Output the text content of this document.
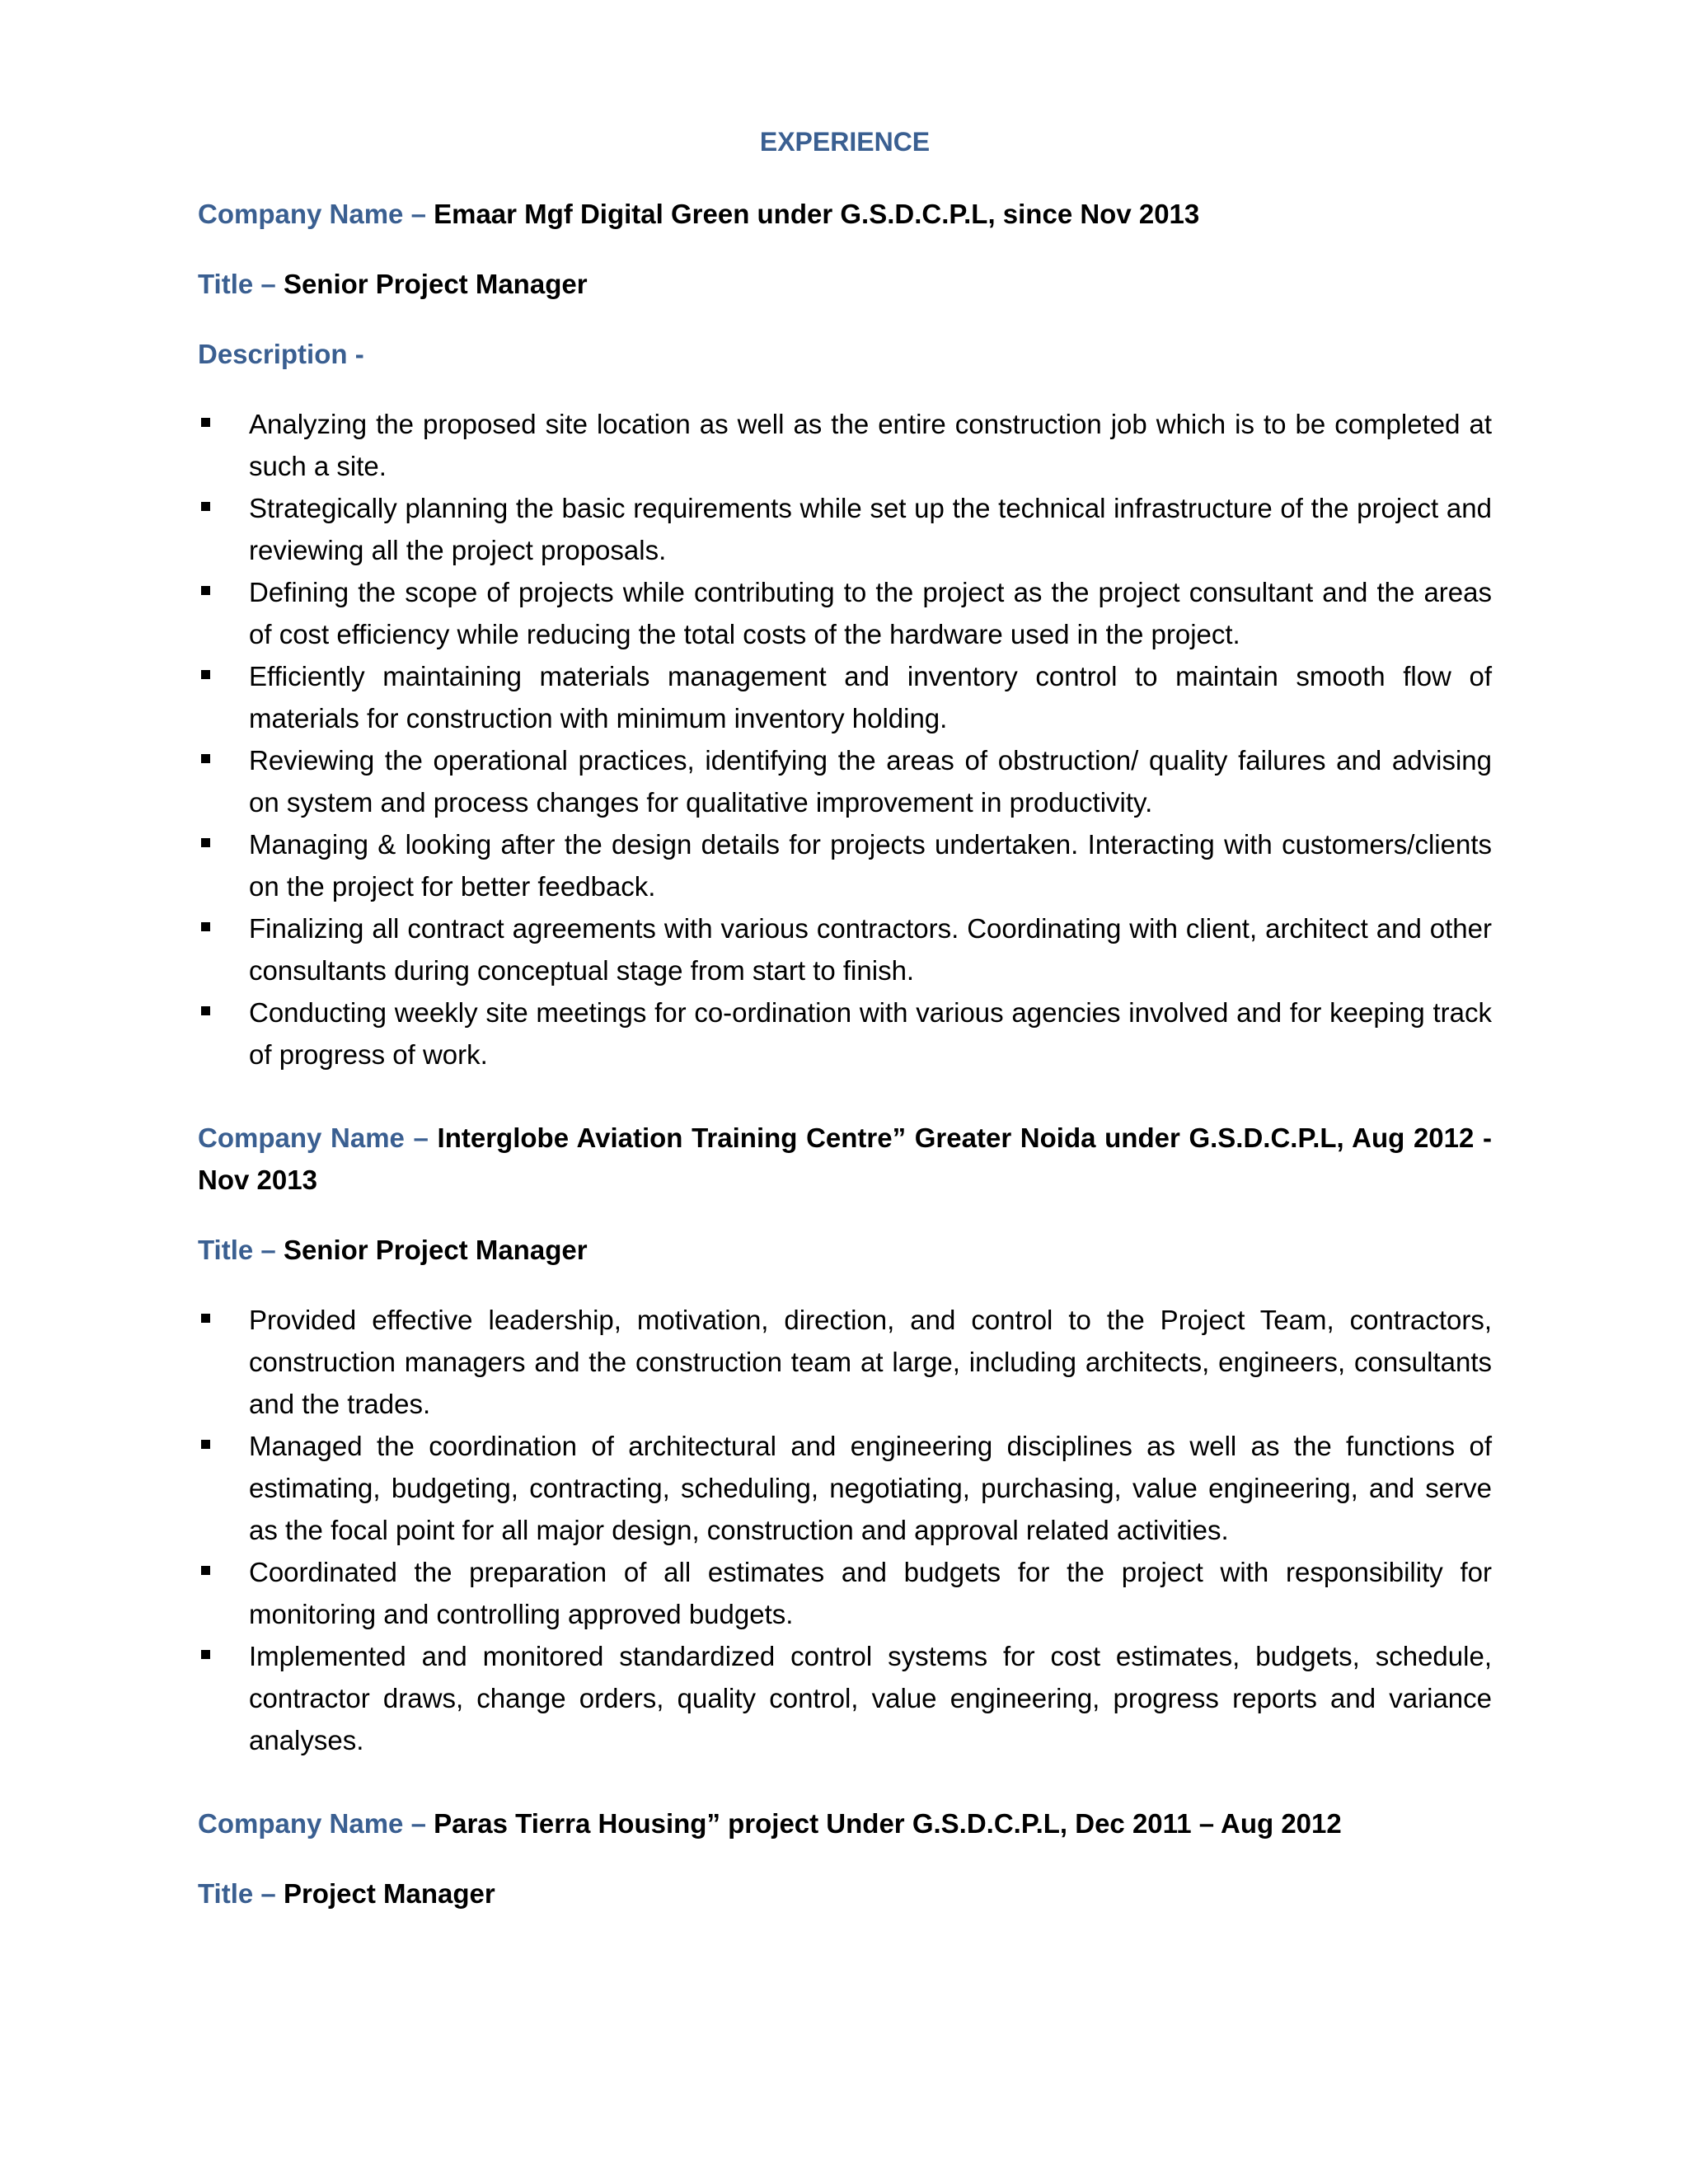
EXPERIENCE
Company Name – Emaar Mgf Digital Green under G.S.D.C.P.L, since Nov 2013
Title – Senior Project Manager
Description -
Analyzing the proposed site location as well as the entire construction job which is to be completed at such a site.
Strategically planning the basic requirements while set up the technical infrastructure of the project and reviewing all the project proposals.
Defining the scope of projects while contributing to the project as the project consultant and the areas of cost efficiency while reducing the total costs of the hardware used in the project.
Efficiently maintaining materials management and inventory control to maintain smooth flow of materials for construction with minimum inventory holding.
Reviewing the operational practices, identifying the areas of obstruction/ quality failures and advising on system and process changes for qualitative improvement in productivity.
Managing & looking after the design details for projects undertaken. Interacting with customers/clients on the project for better feedback.
Finalizing all contract agreements with various contractors. Coordinating with client, architect and other consultants during conceptual stage from start to finish.
Conducting weekly site meetings for co-ordination with various agencies involved and for keeping track of progress of work.
Company Name – Interglobe Aviation Training Centre” Greater Noida under G.S.D.C.P.L, Aug 2012 - Nov 2013
Title – Senior Project Manager
Provided effective leadership, motivation, direction, and control to the Project Team, contractors, construction managers and the construction team at large, including architects, engineers, consultants and the trades.
Managed the coordination of architectural and engineering disciplines as well as the functions of estimating, budgeting, contracting, scheduling, negotiating, purchasing, value engineering, and serve as the focal point for all major design, construction and approval related activities.
Coordinated the preparation of all estimates and budgets for the project with responsibility for monitoring and controlling approved budgets.
Implemented and monitored standardized control systems for cost estimates, budgets, schedule, contractor draws, change orders, quality control, value engineering, progress reports and variance analyses.
Company Name – Paras Tierra Housing” project Under G.S.D.C.P.L, Dec 2011 – Aug 2012
Title – Project Manager
